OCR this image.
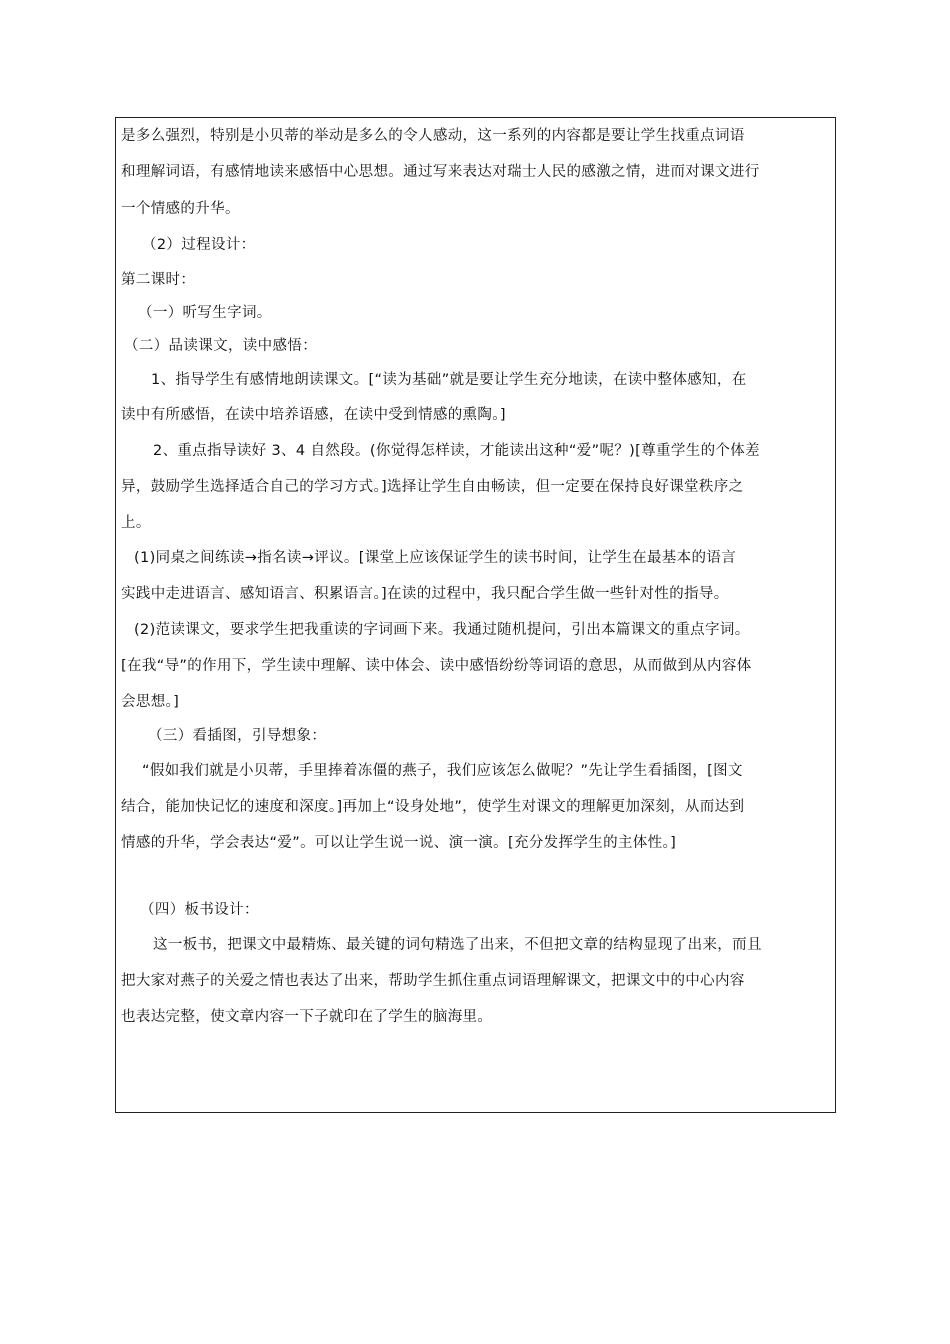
是多么强烈，特别是小贝蒂的举动是多么的令人感动，这一系列的内容都是要让学生找重点词语
和理解词语，有感情地读来感悟中心思想。通过写来表达对瑞士人民的感激之情，进而对课文进行
一个情感的升华。
（2）过程设计：
第二课时：
（一）听写生字词。
（二）品读课文，读中感悟：
1、指导学生有感情地朗读课文。[“读为基础”就是要让学生充分地读，在读中整体感知，在
读中有所感悟，在读中培养语感，在读中受到情感的熏陶。]
2、重点指导读好 3、4 自然段。(你觉得怎样读，才能读出这种“爱”呢？)[尊重学生的个体差
异，鼓励学生选择适合自己的学习方式。]选择让学生自由畅读，但一定要在保持良好课堂秩序之
上。
(1)同桌之间练读→指名读→评议。[课堂上应该保证学生的读书时间，让学生在最基本的语言
实践中走进语言、感知语言、积累语言。]在读的过程中，我只配合学生做一些针对性的指导。
(2)范读课文，要求学生把我重读的字词画下来。我通过随机提问，引出本篇课文的重点字词。
[在我“导”的作用下，学生读中理解、读中体会、读中感悟纷纷等词语的意思，从而做到从内容体
会思想。]
（三）看插图，引导想象：
“假如我们就是小贝蒂，手里捧着冻僵的燕子，我们应该怎么做呢？”先让学生看插图，[图文
结合，能加快记忆的速度和深度。]再加上“设身处地”，使学生对课文的理解更加深刻，从而达到
情感的升华，学会表达“爱”。可以让学生说一说、演一演。[充分发挥学生的主体性。]
（四）板书设计：
这一板书，把课文中最精炼、最关键的词句精选了出来，不但把文章的结构显现了出来，而且
把大家对燕子的关爱之情也表达了出来，帮助学生抓住重点词语理解课文，把课文中的中心内容
也表达完整，使文章内容一下子就印在了学生的脑海里。
